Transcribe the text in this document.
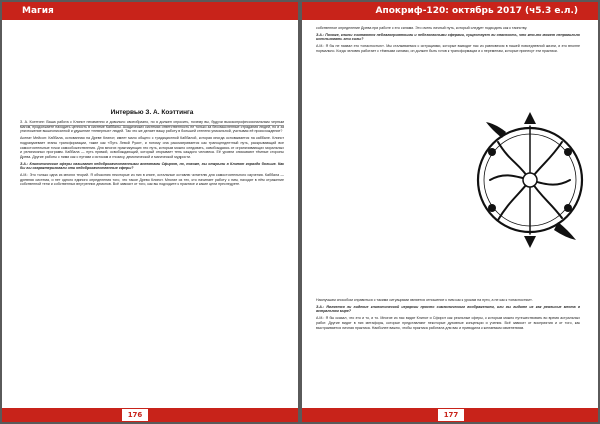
Магия
Интервью З. А. Коэттинга

З. А. Коэттинг: Ваша работа с Клипот неизменно и довольно своеобразно, но я должен спросить, почему вы, будучи высокопрофессиональным черным магом, продолжаете находить ценность в системе Каббалы. Акадических системах ответственность не только за бессмысленные страдания людей, но и за уничтожение вышеописанной и удушение «неверных» людей. Так что же делает вашу работу в большей степени уникальной, учитывая её происхождение?

Асенат Мейсон: Каббала, основанная на Древе Клипот, имеет мало общего с традиционной Каббалой, которая иногда основывается на каббале. Клипот подразумевает этапы трансформации, такие как «Путь Левой Руки», и потому она рассматривается как трансцендентный путь, раскрывающий все самостоятельные точки самообожествления. Для многих практикующих это путь, которым можно следовать, освобождаясь от ограничивающих моральных и религиозных программ. Каббала — путь прямой, освобождающий, который открывает тень каждого человека. Её уровни описывают тёмные стороны Древа. Другие работы с ними как с путями к истокам и гнозису, демонической и магической мудрости.

З.А.: Клипотические сферы называют недоброкачественными аспектами Сфирот, но, похоже, вы открыли в Клипот гораздо больше. Как бы вы охарактеризовали эти недоброкачественные сферы?

А.М.: Это только одна из многих теорий. Я объясняю некоторые из них в книге, остальные оставлю читателю для самостоятельного изучения. Каббала — древняя система, и нет одного единого определения того, что такое Древо Клипот. Многие из тех, кто начинает работу с ним, находят в нём отражение собственной тени и собственных внутренних демонов. Всё зависит от того, как вы подходите к практике и какие цели преследуете.

176
Апокриф-120: октябрь 2017 (ч5.3 е.л.)

собственное определение Древа при работе с его силами. Это очень личный путь, который следует подходить как к таинству.

З.А.: Похоже, клипы считаются неблагоприятными и небезопасными сферами, существует ли опасность, что кто-то может неправильно использовать эти силы?

А.М.: Я бы не назвал это «опасностью». Мы сталкиваемся с ситуациями, которые выводят нас из равновесия в нашей повседневной жизни, и это вполне нормально. Когда человек работает с тёмными силами, он должен быть готов к трансформации и к переменам, которые принесут эти практики.

Наилучшим способом справиться с такими ситуациями является отношение к ним как к урокам на пути, а не как к «опасностям».

З.А.: Является ли видение клипотической иерархии просто символическим воображением, или вы видите их как реальные места в астральном мире?

А.М.: Я бы сказал, что это и то, и то. Многие из нас видят Клипот и Сфирот как реальные сферы, к которым можно путешествовать во время астральных работ. Другие видят в них метафоры, которые представляют некоторые духовные концепции и учения. Всё зависит от восприятия и от того, как выстраивается личная практика. Наиболее важно, чтобы практика работала для вас и приводила к желаемым изменениям.

177
